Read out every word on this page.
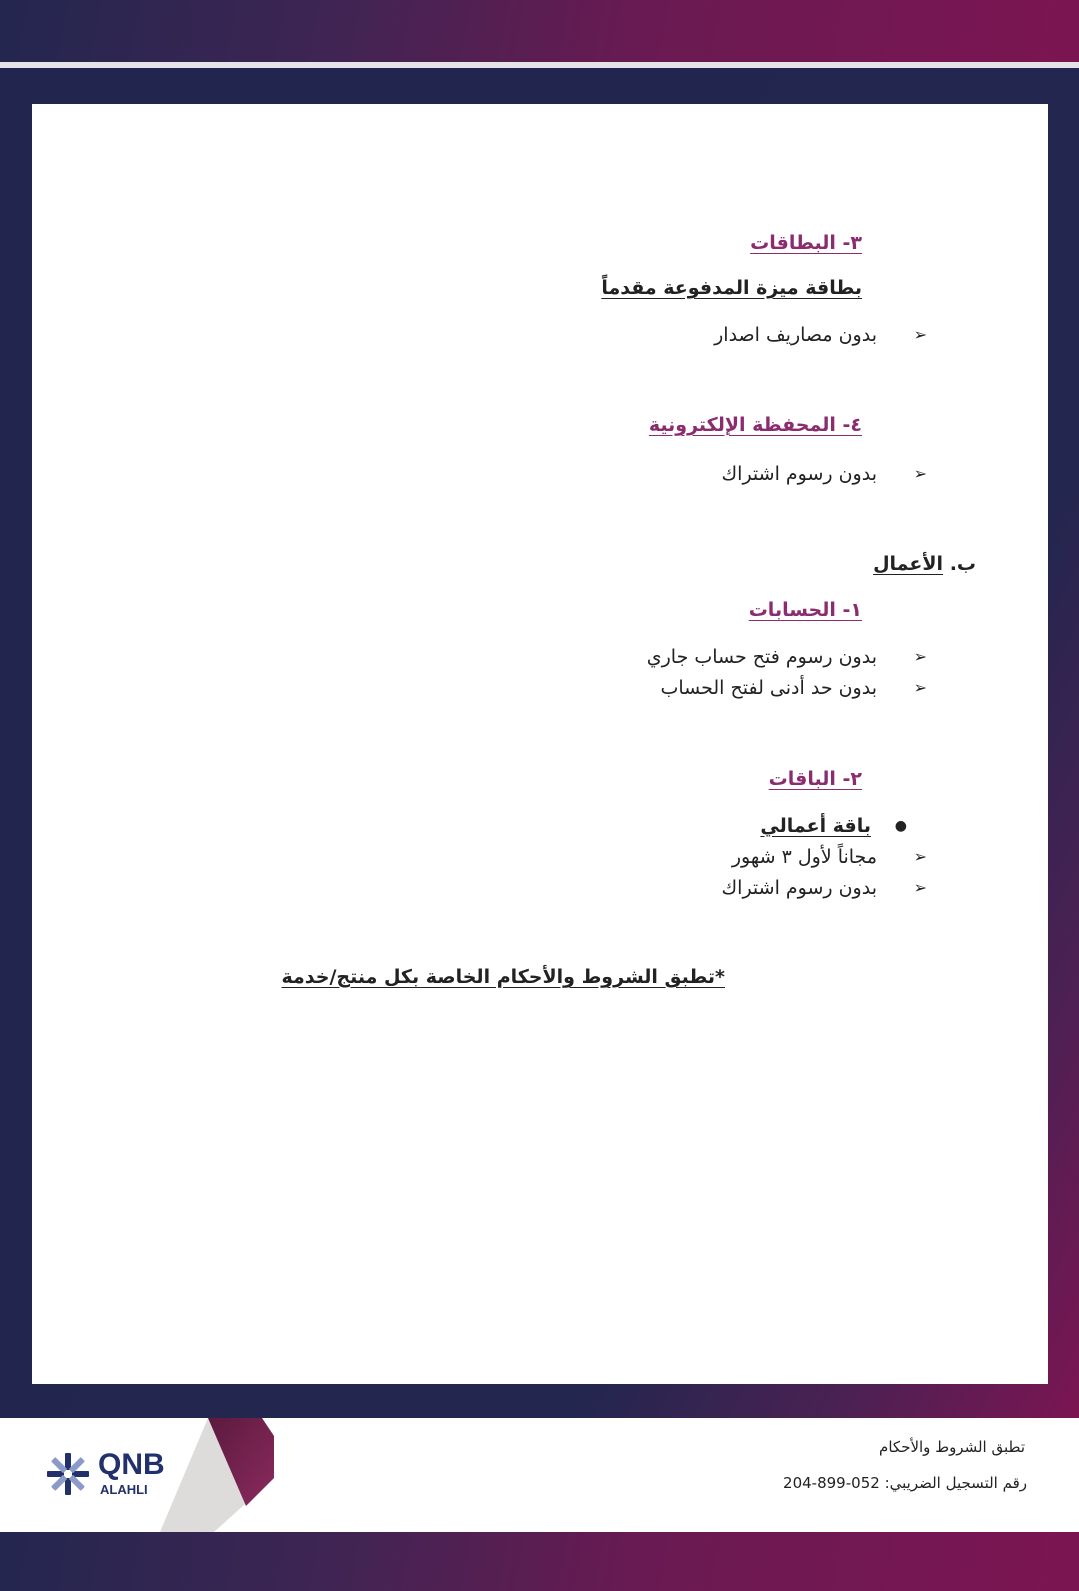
٣- البطاقات
بطاقة ميزة المدفوعة مقدماً
➢
بدون مصاريف اصدار
٤- المحفظة الإلكترونية
➢
بدون رسوم اشتراك
ب. الأعمال
١- الحسابات
➢
بدون رسوم فتح حساب جاري
➢
بدون حد أدنى لفتح الحساب
٢- الباقات
●
باقة أعمالي
➢
مجاناً لأول ٣ شهور
➢
بدون رسوم اشتراك
*تطبق الشروط والأحكام الخاصة بكل منتج/خدمة
QNB
ALAHLI
تطبق الشروط والأحكام
رقم التسجيل الضريبي: 052-899-204
